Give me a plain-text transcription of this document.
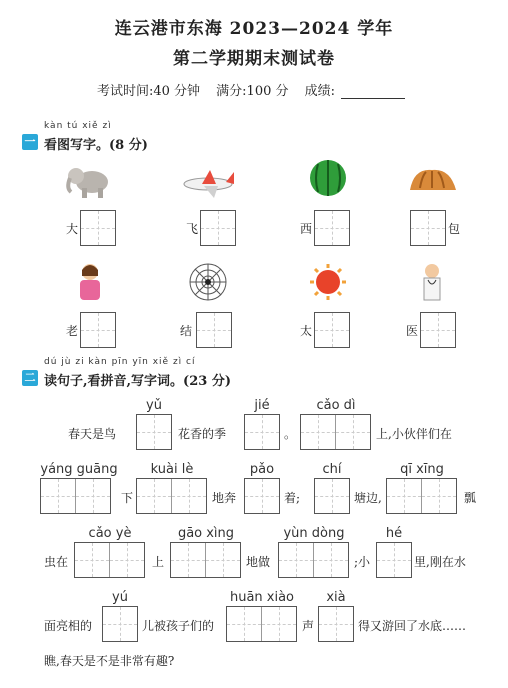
连云港市东海 2023—2024 学年
第二学期期末测试卷
考试时间:40 分钟 满分:100 分 成绩:
kàn tú xiě zì
一 看图写字。(8 分)
大	飞	西	包
老	结	太	医
dú jù zi kàn pīn yīn xiě zì cí
二 读句子,看拼音,写字词。(23 分)
春天是鸟
yǔ
花香的季
jié
。
cǎo dì
上,小伙伴们在
yáng guāng
下
kuài lè
地奔
pǎo
着;
chí
塘边,
qī xīng
瓢
虫在
cǎo yè
上
gāo xìng
地做
yùn dòng
;小
hé
里,刚在水
面亮相的
yú
儿被孩子们的
huān xiào
声
xià
得又游回了水底……
瞧,春天是不是非常有趣?
